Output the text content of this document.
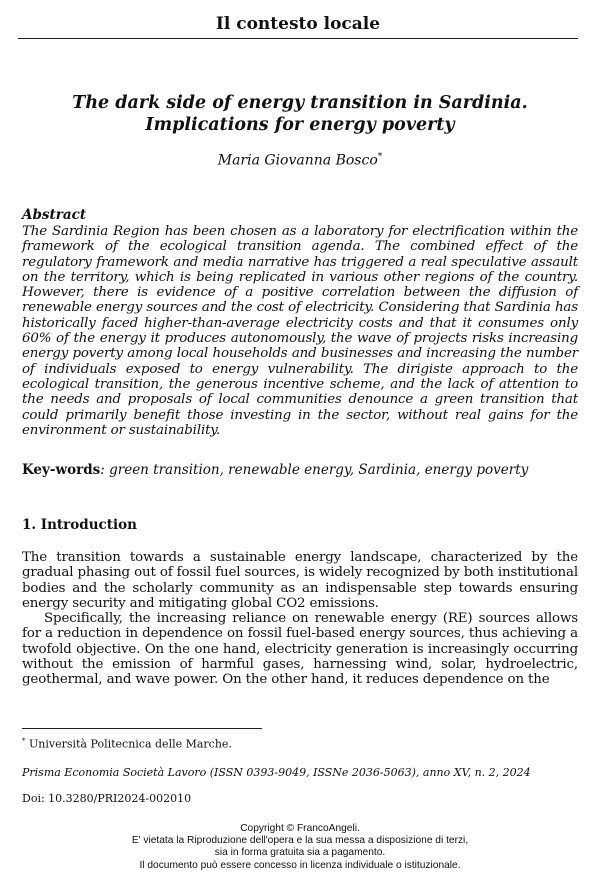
Il contesto locale
The dark side of energy transition in Sardinia.
Implications for energy poverty
Maria Giovanna Bosco*
Abstract
The Sardinia Region has been chosen as a laboratory for electrification within the framework of the ecological transition agenda. The combined effect of the regulatory framework and media narrative has triggered a real speculative assault on the territory, which is being replicated in various other regions of the country. However, there is evidence of a positive correlation between the diffusion of renewable energy sources and the cost of electricity. Considering that Sardinia has historically faced higher-than-average electricity costs and that it consumes only 60% of the energy it produces autonomously, the wave of projects risks increasing energy poverty among local households and businesses and increasing the number of individuals exposed to energy vulnerability. The dirigiste approach to the ecological transition, the generous incentive scheme, and the lack of attention to the needs and proposals of local communities denounce a green transition that could primarily benefit those investing in the sector, without real gains for the environment or sustainability.
Key-words: green transition, renewable energy, Sardinia, energy poverty
1. Introduction

The transition towards a sustainable energy landscape, characterized by the gradual phasing out of fossil fuel sources, is widely recognized by both institutional bodies and the scholarly community as an indispensable step towards ensuring energy security and mitigating global CO2 emissions.

Specifically, the increasing reliance on renewable energy (RE) sources allows for a reduction in dependence on fossil fuel-based energy sources, thus achieving a twofold objective. On the one hand, electricity generation is increasingly occurring without the emission of harmful gases, harnessing wind, solar, hydroelectric, geothermal, and wave power. On the other hand, it reduces dependence on the

* Università Politecnica delle Marche.
Prisma Economia Società Lavoro (ISSN 0393-9049, ISSNe 2036-5063), anno XV, n. 2, 2024
Doi: 10.3280/PRI2024-002010
Copyright © FrancoAngeli.
E' vietata la Riproduzione dell'opera e la sua messa a disposizione di terzi,
sia in forma gratuita sia a pagamento.
Il documento può essere concesso in licenza individuale o istituzionale.
